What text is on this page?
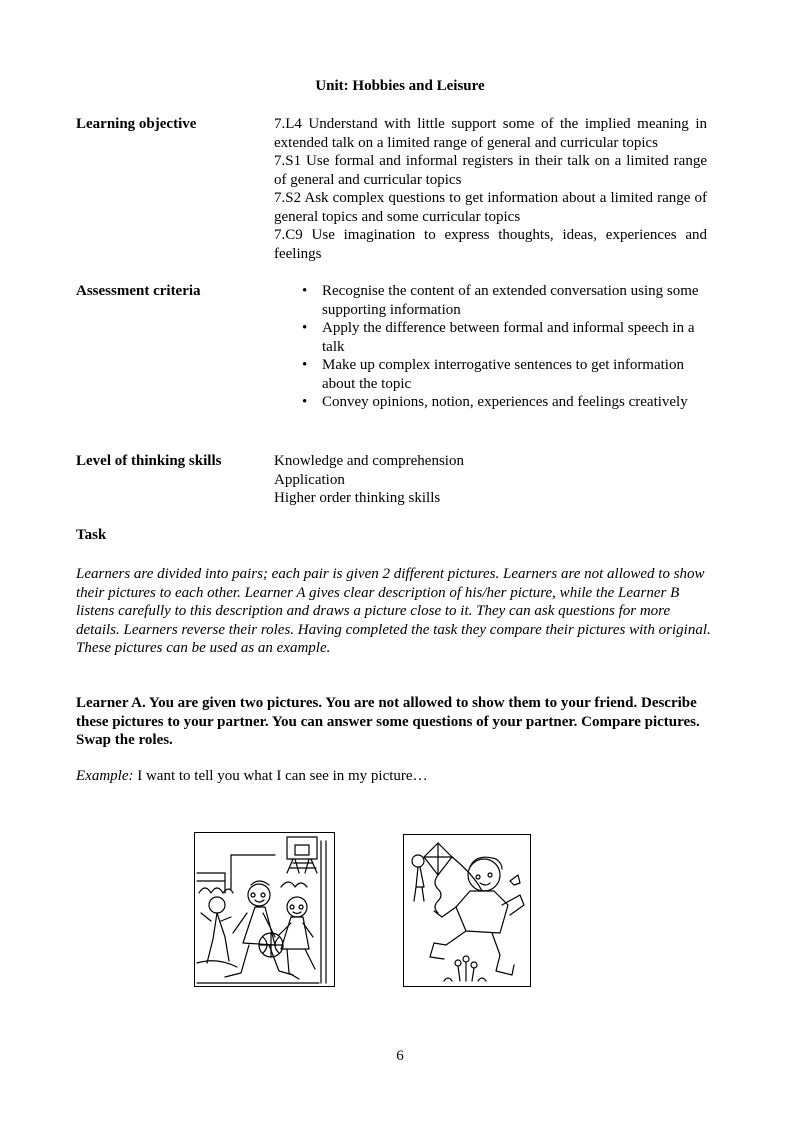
Unit: Hobbies and Leisure
Learning objective	7.L4 Understand with little support some of the implied meaning in extended talk on a limited range of general and curricular topics

7.S1 Use formal and informal registers in their talk on a limited range of general and curricular topics

7.S2 Ask complex questions to get information about a limited range of general topics and some curricular topics

7.C9 Use imagination to express thoughts, ideas, experiences and feelings

Assessment criteria
•	Recognise the content of an extended conversation using some supporting information
• Apply the difference between formal and informal speech in a talk
• Make up complex interrogative sentences to get information about the topic
• Convey opinions, notion, experiences and feelings creatively
Level of thinking skills	Knowledge and comprehension
Application
Higher order thinking skills
Task

Learners are divided into pairs; each pair is given 2 different pictures. Learners are not allowed to show their pictures to each other. Learner A gives clear description of his/her picture, while the Learner B listens carefully to this description and draws a picture close to it. They can ask questions for more details. Learners reverse their roles. Having completed the task they compare their pictures with original.

These pictures can be used as an example.

Learner A. You are given two pictures. You are not allowed to show them to your friend. Describe these pictures to your partner. You can answer some questions of your partner. Compare pictures. Swap the roles.
Example: I want to tell you what I can see in my picture…
6
